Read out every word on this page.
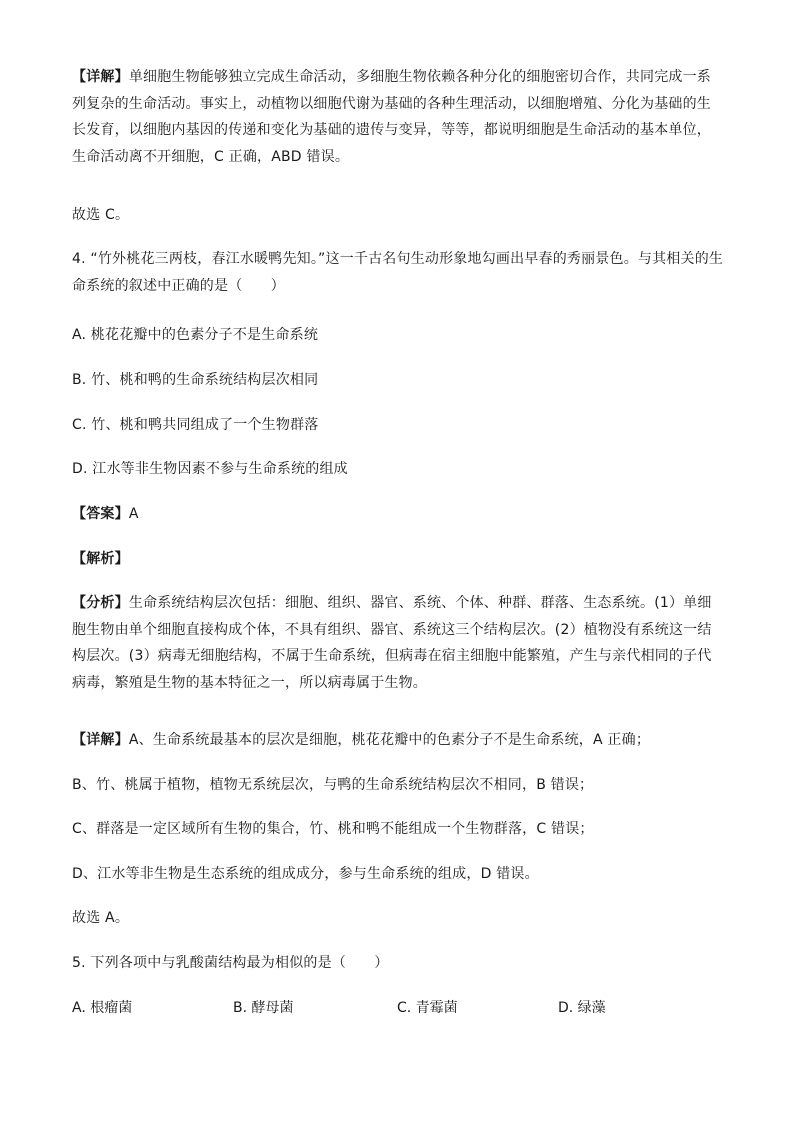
【详解】单细胞生物能够独立完成生命活动，多细胞生物依赖各种分化的细胞密切合作，共同完成一系列复杂的生命活动。事实上，动植物以细胞代谢为基础的各种生理活动，以细胞增殖、分化为基础的生长发育，以细胞内基因的传递和变化为基础的遗传与变异，等等，都说明细胞是生命活动的基本单位，生命活动离不开细胞，C 正确，ABD 错误。

故选 C。

4. “竹外桃花三两枝，春江水暖鸭先知。”这一千古名句生动形象地勾画出早春的秀丽景色。与其相关的生命系统的叙述中正确的是（　　）

A. 桃花花瓣中的色素分子不是生命系统

B. 竹、桃和鸭的生命系统结构层次相同

C. 竹、桃和鸭共同组成了一个生物群落

D. 江水等非生物因素不参与生命系统的组成

【答案】A

【解析】

【分析】生命系统结构层次包括：细胞、组织、器官、系统、个体、种群、群落、生态系统。(1）单细胞生物由单个细胞直接构成个体，不具有组织、器官、系统这三个结构层次。(2）植物没有系统这一结构层次。(3）病毒无细胞结构，不属于生命系统，但病毒在宿主细胞中能繁殖，产生与亲代相同的子代病毒，繁殖是生物的基本特征之一，所以病毒属于生物。

【详解】A、生命系统最基本的层次是细胞，桃花花瓣中的色素分子不是生命系统，A 正确；

B、竹、桃属于植物，植物无系统层次，与鸭的生命系统结构层次不相同，B 错误；

C、群落是一定区域所有生物的集合，竹、桃和鸭不能组成一个生物群落，C 错误；

D、江水等非生物是生态系统的组成成分，参与生命系统的组成，D 错误。

故选 A。

5. 下列各项中与乳酸菌结构最为相似的是（　　）

A. 根瘤菌	B. 酵母菌	C. 青霉菌	D. 绿藻
